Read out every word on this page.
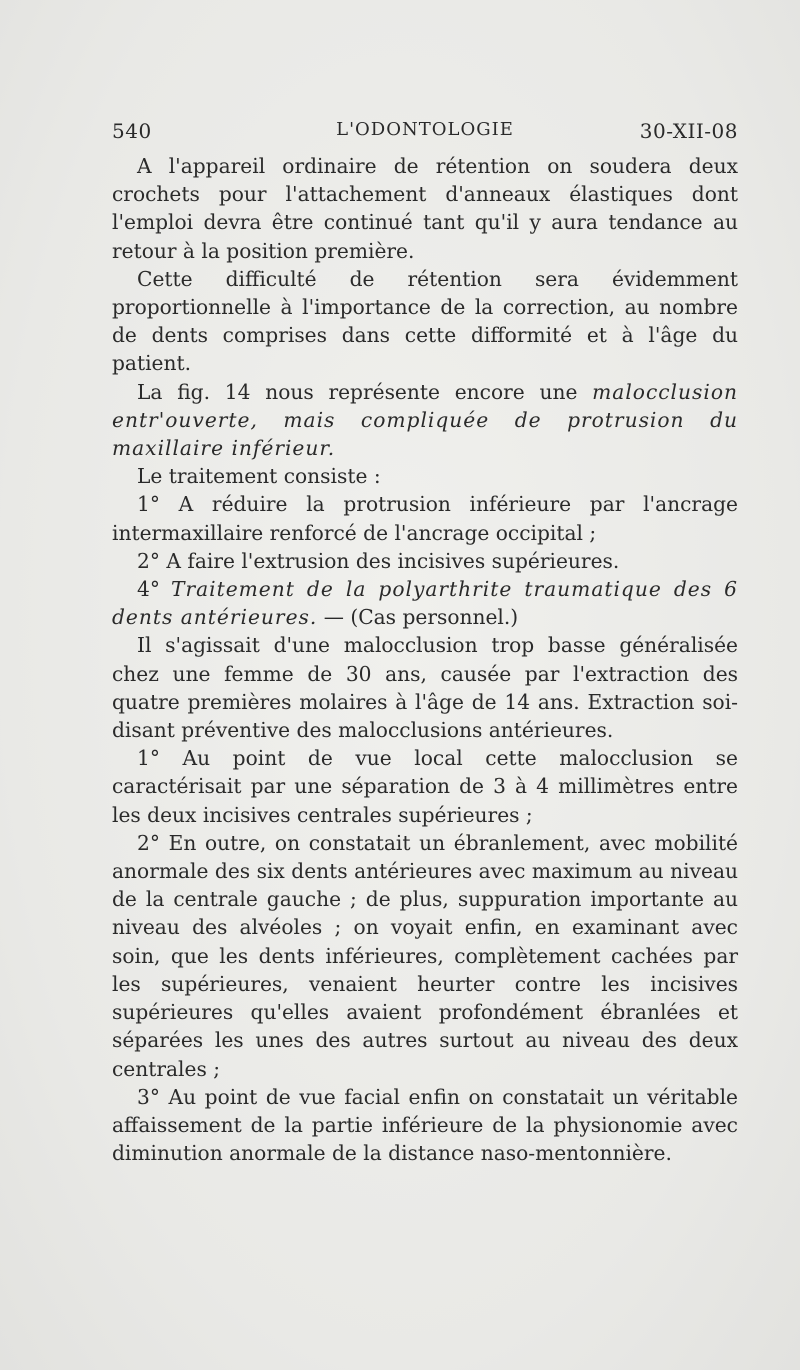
540	L'ODONTOLOGIE	30-XII-08

A l'appareil ordinaire de rétention on soudera deux crochets pour l'attachement d'anneaux élastiques dont l'emploi devra être continué tant qu'il y aura tendance au retour à la position première.

Cette difficulté de rétention sera évidemment proportionnelle à l'importance de la correction, au nombre de dents comprises dans cette difformité et à l'âge du patient.

La fig. 14 nous représente encore une malocclusion entr'ouverte, mais compliquée de protrusion du maxillaire inférieur.

Le traitement consiste :

1° A réduire la protrusion inférieure par l'ancrage intermaxillaire renforcé de l'ancrage occipital ;

2° A faire l'extrusion des incisives supérieures.

4° Traitement de la polyarthrite traumatique des 6 dents antérieures. — (Cas personnel.)

Il s'agissait d'une malocclusion trop basse généralisée chez une femme de 30 ans, causée par l'extraction des quatre premières molaires à l'âge de 14 ans. Extraction soi-disant préventive des malocclusions antérieures.

1° Au point de vue local cette malocclusion se caractérisait par une séparation de 3 à 4 millimètres entre les deux incisives centrales supérieures ;

2° En outre, on constatait un ébranlement, avec mobilité anormale des six dents antérieures avec maximum au niveau de la centrale gauche ; de plus, suppuration importante au niveau des alvéoles ; on voyait enfin, en examinant avec soin, que les dents inférieures, complètement cachées par les supérieures, venaient heurter contre les incisives supérieures qu'elles avaient profondément ébranlées et séparées les unes des autres surtout au niveau des deux centrales ;

3° Au point de vue facial enfin on constatait un véritable affaissement de la partie inférieure de la physionomie avec diminution anormale de la distance naso-mentonnière.
